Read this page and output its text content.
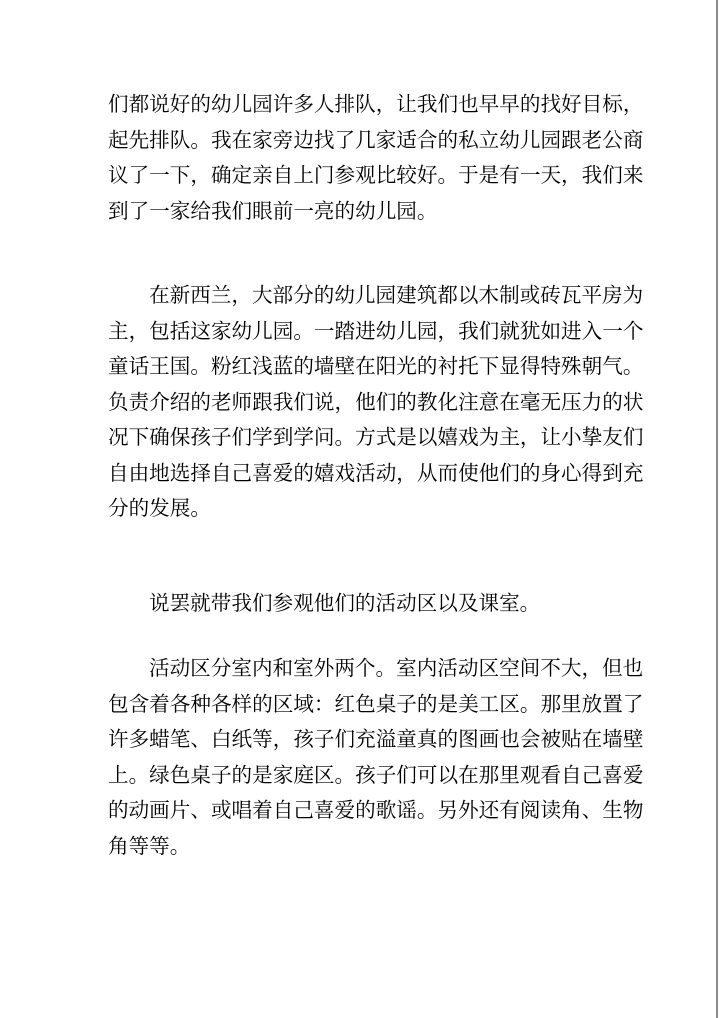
们都说好的幼儿园许多人排队，让我们也早早的找好目标，
起先排队。我在家旁边找了几家适合的私立幼儿园跟老公商
议了一下，确定亲自上门参观比较好。于是有一天，我们来
到了一家给我们眼前一亮的幼儿园。
在新西兰，大部分的幼儿园建筑都以木制或砖瓦平房为
主，包括这家幼儿园。一踏进幼儿园，我们就犹如进入一个
童话王国。粉红浅蓝的墙壁在阳光的衬托下显得特殊朝气。
负责介绍的老师跟我们说，他们的教化注意在毫无压力的状
况下确保孩子们学到学问。方式是以嬉戏为主，让小挚友们
自由地选择自己喜爱的嬉戏活动，从而使他们的身心得到充
分的发展。
说罢就带我们参观他们的活动区以及课室。
活动区分室内和室外两个。室内活动区空间不大，但也
包含着各种各样的区域：红色桌子的是美工区。那里放置了
许多蜡笔、白纸等，孩子们充溢童真的图画也会被贴在墙壁
上。绿色桌子的是家庭区。孩子们可以在那里观看自己喜爱
的动画片、或唱着自己喜爱的歌谣。另外还有阅读角、生物
角等等。
